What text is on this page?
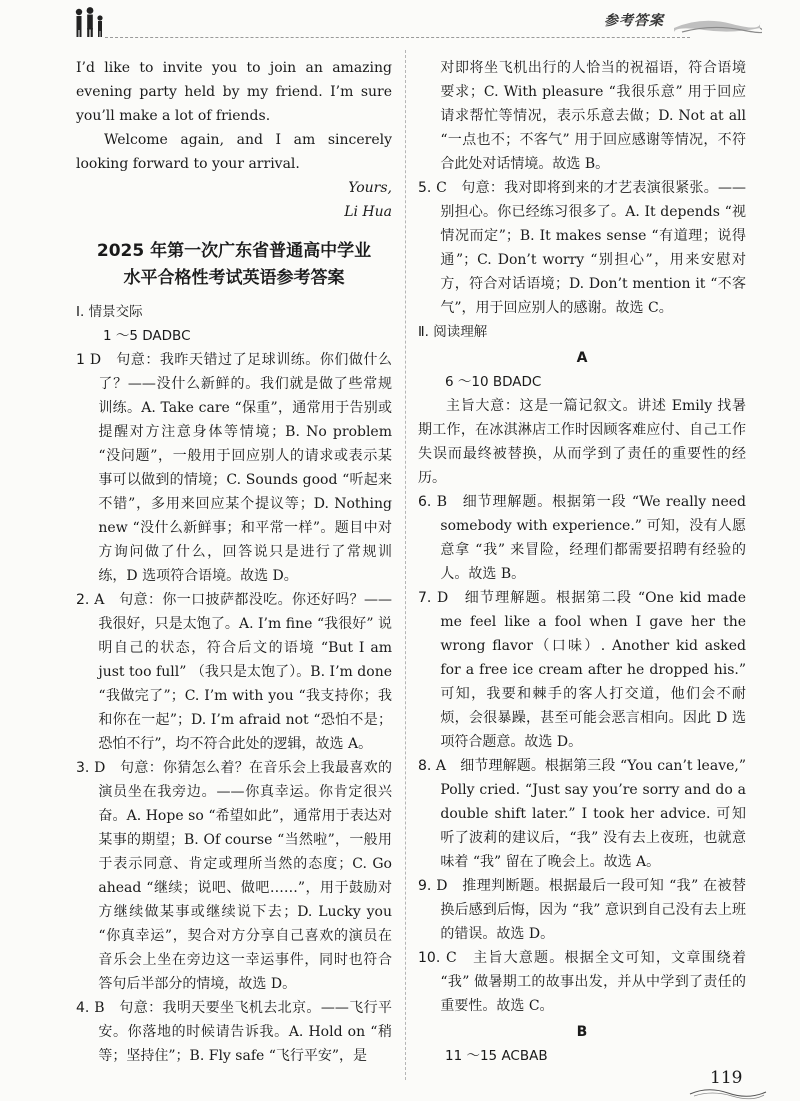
参考答案

I’d like to invite you to join an amazing evening party held by my friend. I’m sure you’ll make a lot of friends.

Welcome again, and I am sincerely looking forward to your arrival.

Yours,

Li Hua

2025 年第一次广东省普通高中学业
水平合格性考试英语参考答案

Ⅰ. 情景交际

1 ～5 DADBC

1 D　句意：我昨天错过了足球训练。你们做什么了？——没什么新鲜的。我们就是做了些常规训练。A. Take care “保重”，通常用于告别或提醒对方注意身体等情境；B. No problem “没问题”，一般用于回应别人的请求或表示某事可以做到的情境；C. Sounds good “听起来不错”，多用来回应某个提议等；D. Nothing new “没什么新鲜事；和平常一样”。题目中对方询问做了什么，回答说只是进行了常规训练，D 选项符合语境。故选 D。

2. A　句意：你一口披萨都没吃。你还好吗？——我很好，只是太饱了。A. I’m fine “我很好” 说明自己的状态，符合后文的语境 “But I am just too full” （我只是太饱了）。B. I’m done “我做完了”；C. I’m with you “我支持你；我和你在一起”；D. I’m afraid not “恐怕不是；恐怕不行”，均不符合此处的逻辑，故选 A。

3. D　句意：你猜怎么着？在音乐会上我最喜欢的演员坐在我旁边。——你真幸运。你肯定很兴奋。A. Hope so “希望如此”，通常用于表达对某事的期望；B. Of course “当然啦”，一般用于表示同意、肯定或理所当然的态度；C. Go ahead “继续；说吧、做吧……”，用于鼓励对方继续做某事或继续说下去；D. Lucky you “你真幸运”，契合对方分享自己喜欢的演员在音乐会上坐在旁边这一幸运事件，同时也符合答句后半部分的情境，故选 D。

4. B　句意：我明天要坐飞机去北京。——飞行平安。你落地的时候请告诉我。A. Hold on “稍等；坚持住”；B. Fly safe “飞行平安”，是

对即将坐飞机出行的人恰当的祝福语，符合语境要求；C. With pleasure “我很乐意” 用于回应请求帮忙等情况，表示乐意去做；D. Not at all “一点也不；不客气” 用于回应感谢等情况，不符合此处对话情境。故选 B。

5. C　句意：我对即将到来的才艺表演很紧张。——别担心。你已经练习很多了。A. It depends “视情况而定”；B. It makes sense “有道理；说得通”；C. Don’t worry “别担心”，用来安慰对方，符合对话语境；D. Don’t mention it “不客气”，用于回应别人的感谢。故选 C。

Ⅱ. 阅读理解

A

6 ～10 BDADC

主旨大意：这是一篇记叙文。讲述 Emily 找暑期工作，在冰淇淋店工作时因顾客难应付、自己工作失误而最终被替换，从而学到了责任的重要性的经历。

6. B　细节理解题。根据第一段 “We really need somebody with experience.” 可知，没有人愿意拿 “我” 来冒险，经理们都需要招聘有经验的人。故选 B。

7. D　细节理解题。根据第二段 “One kid made me feel like a fool when I gave her the wrong flavor（口味）. Another kid asked for a free ice cream after he dropped his.” 可知，我要和棘手的客人打交道，他们会不耐烦，会很暴躁，甚至可能会恶言相向。因此 D 选项符合题意。故选 D。

8. A　细节理解题。根据第三段 “You can’t leave,” Polly cried. “Just say you’re sorry and do a double shift later.” I took her advice. 可知听了波莉的建议后，“我” 没有去上夜班，也就意味着 “我” 留在了晚会上。故选 A。

9. D　推理判断题。根据最后一段可知 “我” 在被替换后感到后悔，因为 “我” 意识到自己没有去上班的错误。故选 D。

10. C　主旨大意题。根据全文可知，文章围绕着 “我” 做暑期工的故事出发，并从中学到了责任的重要性。故选 C。

B

11 ～15 ACBAB

119
